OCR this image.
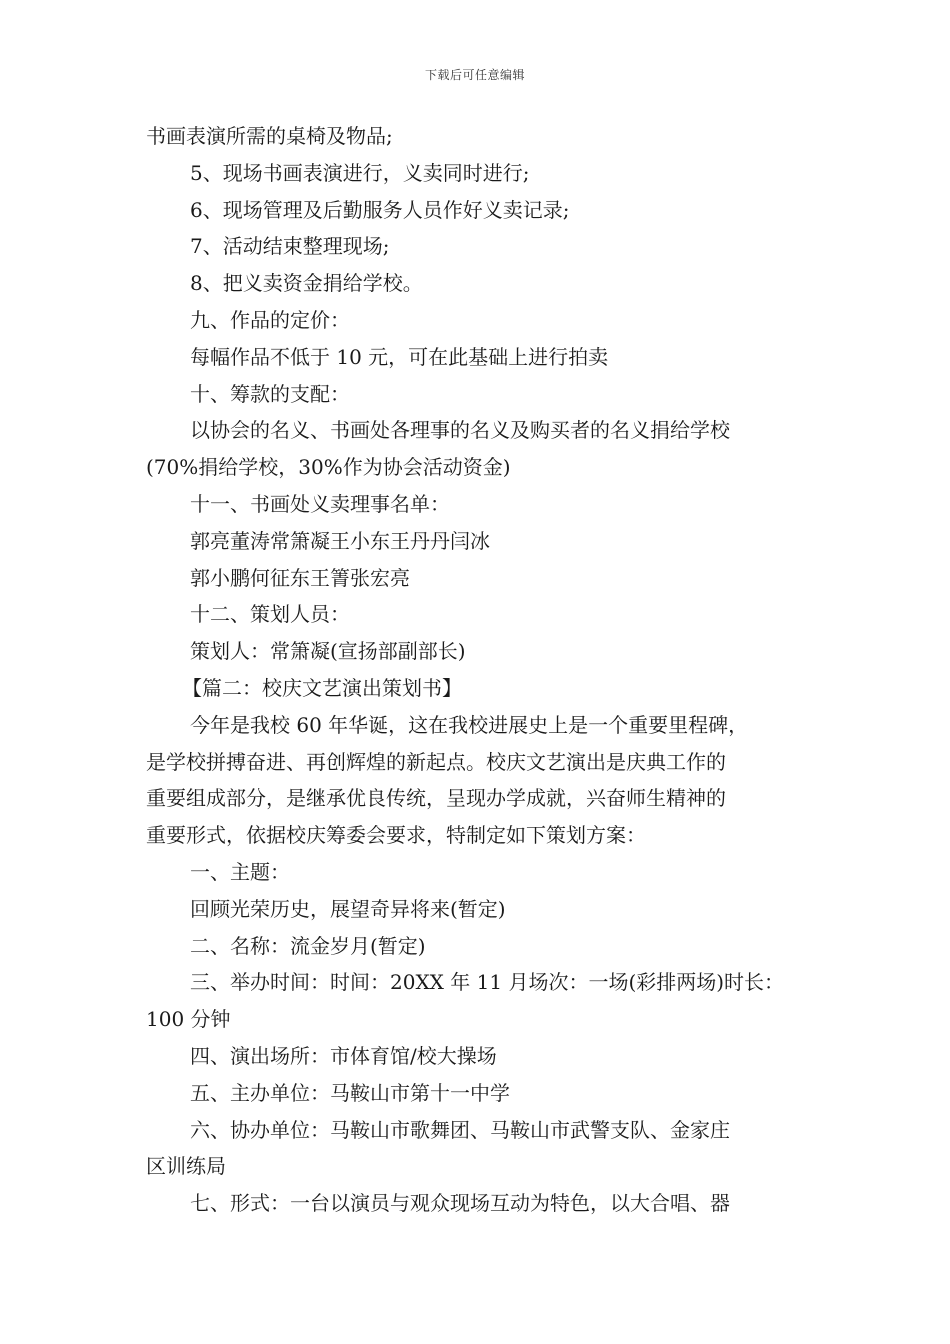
下载后可任意编辑
书画表演所需的桌椅及物品;
5、现场书画表演进行，义卖同时进行;
6、现场管理及后勤服务人员作好义卖记录;
7、活动结束整理现场;
8、把义卖资金捐给学校。
九、作品的定价：
每幅作品不低于 10 元，可在此基础上进行拍卖
十、筹款的支配：
以协会的名义、书画处各理事的名义及购买者的名义捐给学校
(70%捐给学校，30%作为协会活动资金)
十一、书画处义卖理事名单：
郭亮董涛常箫凝王小东王丹丹闫冰
郭小鹏何征东王箐张宏亮
十二、策划人员：
策划人：常箫凝(宣扬部副部长)
【篇二：校庆文艺演出策划书】
今年是我校 60 年华诞，这在我校进展史上是一个重要里程碑，
是学校拼搏奋进、再创辉煌的新起点。校庆文艺演出是庆典工作的
重要组成部分，是继承优良传统，呈现办学成就，兴奋师生精神的
重要形式，依据校庆筹委会要求，特制定如下策划方案：
一、主题：
回顾光荣历史，展望奇异将来(暂定)
二、名称：流金岁月(暂定)
三、举办时间：时间：20XX 年 11 月场次：一场(彩排两场)时长：
100 分钟
四、演出场所：市体育馆/校大操场
五、主办单位：马鞍山市第十一中学
六、协办单位：马鞍山市歌舞团、马鞍山市武警支队、金家庄
区训练局
七、形式：一台以演员与观众现场互动为特色，以大合唱、器
